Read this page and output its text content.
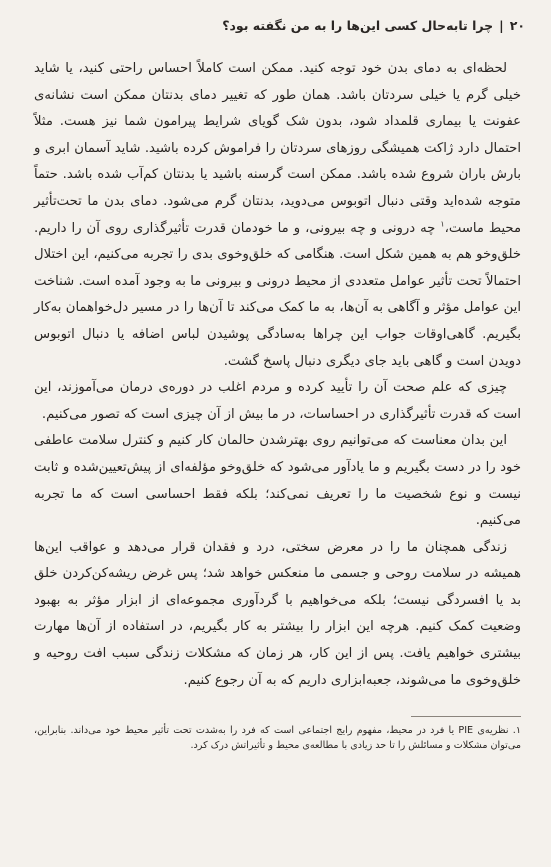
۲۰
|
چرا تابه‌حال کسی این‌ها را به من نگفته بود؟

لحظه‌ای به دمای بدن خود توجه کنید. ممکن است کاملاً احساس راحتی کنید، یا شاید خیلی گرم یا خیلی سردتان باشد. همان طور که تغییر دمای بدنتان ممکن است نشانه‌ی عفونت یا بیماری قلمداد شود، بدون شک گویای شرایط پیرامون شما نیز هست. مثلاً احتمال دارد ژاکت همیشگی روزهای سردتان را فراموش کرده باشید. شاید آسمان ابری و بارش باران شروع شده باشد. ممکن است گرسنه باشید یا بدنتان کم‌آب شده باشد. حتماً متوجه شده‌اید وقتی دنبال اتوبوس می‌دوید، بدنتان گرم می‌شود. دمای بدن ما تحت‌تأثیر محیط ماست،$^۱$ چه درونی و چه بیرونی، و ما خودمان قدرت تأثیرگذاری روی آن را داریم. خلق‌وخو هم به همین شکل است. هنگامی که خلق‌وخوی بدی را تجربه می‌کنیم، این اختلال احتمالاً تحت تأثیر عوامل متعددی از محیط درونی و بیرونی ما به وجود آمده است. شناخت این عوامل مؤثر و آگاهی به آن‌ها، به ما کمک می‌کند تا آن‌ها را در مسیر دل‌خواهمان به‌کار بگیریم. گاهی‌اوقات جواب این چراها به‌سادگی پوشیدن لباس اضافه یا دنبال اتوبوس دویدن است و گاهی باید جای دیگری دنبال پاسخ گشت.

چیزی که علم صحت آن را تأیید کرده و مردم اغلب در دوره‌ی درمان می‌آموزند، این است که قدرت تأثیرگذاری در احساسات، در ما بیش از آن چیزی است که تصور می‌کنیم.

این بدان معناست که می‌توانیم روی بهترشدن حالمان کار کنیم و کنترل سلامت عاطفی خود را در دست بگیریم و ما یادآور می‌شود که خلق‌وخو مؤلفه‌ای از پیش‌تعیین‌شده و ثابت نیست و نوع شخصیت ما را تعریف نمی‌کند؛ بلکه فقط احساسی است که ما تجربه می‌کنیم.

زندگی همچنان ما را در معرض سختی، درد و فقدان قرار می‌دهد و عواقب این‌ها همیشه در سلامت روحی و جسمی ما منعکس خواهد شد؛ پس غرض ریشه‌کن‌کردن خلق بد یا افسردگی نیست؛ بلکه می‌خواهیم با گردآوری مجموعه‌ای از ابزار مؤثر به بهبود وضعیت کمک کنیم. هرچه این ابزار را بیشتر به کار بگیریم، در استفاده از آن‌ها مهارت بیشتری خواهیم یافت. پس از این کار، هر زمان که مشکلات زندگی سبب افت روحیه و خلق‌وخوی ما می‌شوند، جعبه‌ابزاری داریم که به آن رجوع کنیم.

۱. نظریه‌ی PIE یا فرد در محیط، مفهوم رایج اجتماعی است که فرد را به‌شدت تحت تأثیر محیط خود می‌داند. بنابراین، می‌توان مشکلات و مسائلش را تا حد زیادی با مطالعه‌ی محیط و تأثیراتش درک کرد.
